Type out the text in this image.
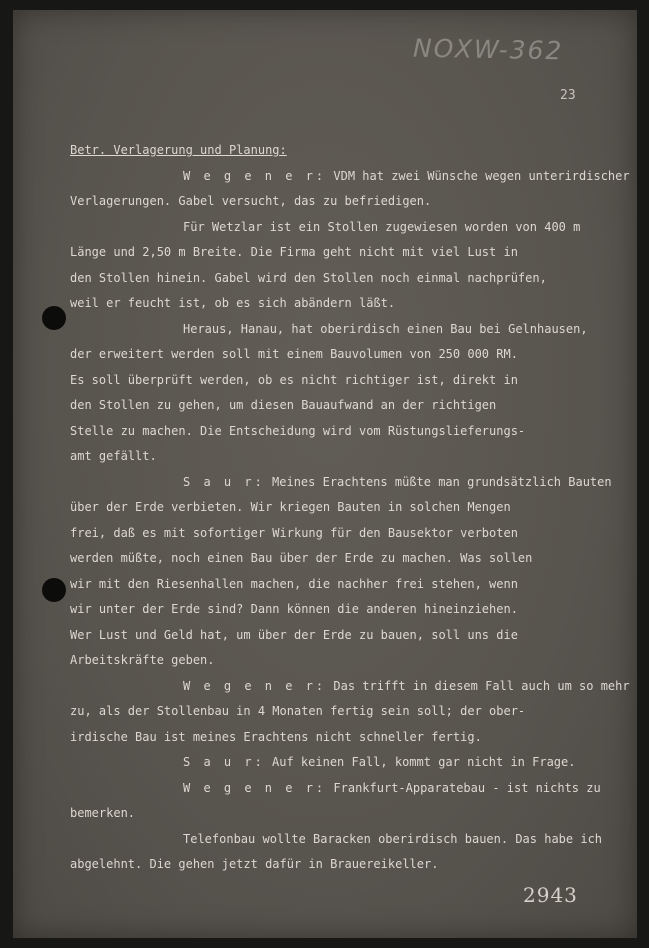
NOXW-362
23
2943

Betr. Verlagerung und Planung:

W e g e n e r: VDM hat zwei Wünsche wegen unterirdischer

Verlagerungen. Gabel versucht, das zu befriedigen.

Für Wetzlar ist ein Stollen zugewiesen worden von 400 m

Länge und 2,50 m Breite. Die Firma geht nicht mit viel Lust in

den Stollen hinein. Gabel wird den Stollen noch einmal nachprüfen,

weil er feucht ist, ob es sich abändern läßt.

Heraus, Hanau, hat oberirdisch einen Bau bei Gelnhausen,

der erweitert werden soll mit einem Bauvolumen von 250 000 RM.

Es soll überprüft werden, ob es nicht richtiger ist, direkt in

den Stollen zu gehen, um diesen Bauaufwand an der richtigen

Stelle zu machen. Die Entscheidung wird vom Rüstungslieferungs-

amt gefällt.

S a u r: Meines Erachtens müßte man grundsätzlich Bauten

über der Erde verbieten. Wir kriegen Bauten in solchen Mengen

frei, daß es mit sofortiger Wirkung für den Bausektor verboten

werden müßte, noch einen Bau über der Erde zu machen. Was sollen

wir mit den Riesenhallen machen, die nachher frei stehen, wenn

wir unter der Erde sind? Dann können die anderen hineinziehen.

Wer Lust und Geld hat, um über der Erde zu bauen, soll uns die

Arbeitskräfte geben.

W e g e n e r: Das trifft in diesem Fall auch um so mehr

zu, als der Stollenbau in 4 Monaten fertig sein soll; der ober-

irdische Bau ist meines Erachtens nicht schneller fertig.

S a u r: Auf keinen Fall, kommt gar nicht in Frage.

W e g e n e r: Frankfurt-Apparatebau - ist nichts zu

bemerken.

Telefonbau wollte Baracken oberirdisch bauen. Das habe ich

abgelehnt. Die gehen jetzt dafür in Brauereikeller.
